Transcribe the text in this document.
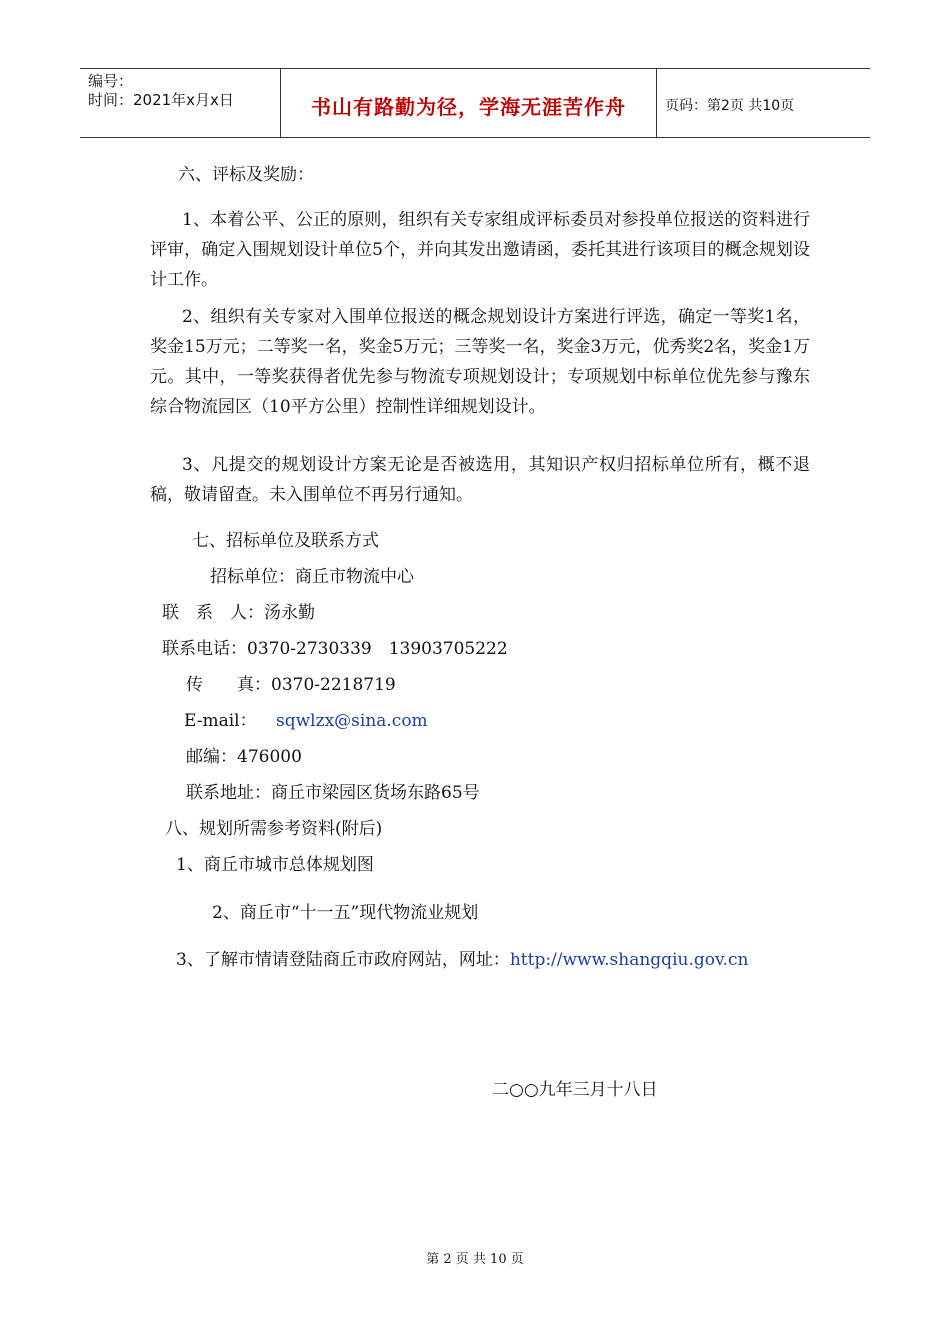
编号：
时间：2021年x月x日	书山有路勤为径，学海无涯苦作舟	页码：第2页 共10页
六、评标及奖励：
1、本着公平、公正的原则，组织有关专家组成评标委员对参投单位报送的资料进行评审，确定入围规划设计单位5个，并向其发出邀请函，委托其进行该项目的概念规划设计工作。
2、组织有关专家对入围单位报送的概念规划设计方案进行评选，确定一等奖1名，奖金15万元；二等奖一名，奖金5万元；三等奖一名，奖金3万元，优秀奖2名，奖金1万元。其中，一等奖获得者优先参与物流专项规划设计；专项规划中标单位优先参与豫东综合物流园区（10平方公里）控制性详细规划设计。
3、凡提交的规划设计方案无论是否被选用，其知识产权归招标单位所有，概不退稿，敬请留查。未入围单位不再另行通知。
七、招标单位及联系方式
招标单位：商丘市物流中心
联　系　人：汤永勤
联系电话：0370-2730339　13903705222
传　　真：0370-2218719
E-mail： sqwlzx@sina.com
邮编：476000
联系地址：商丘市梁园区货场东路65号
八、规划所需参考资料(附后)
1、商丘市城市总体规划图
2、商丘市“十一五”现代物流业规划
3、了解市情请登陆商丘市政府网站，网址：http://www.shangqiu.gov.cn
二○○九年三月十八日
第 2 页 共 10 页
